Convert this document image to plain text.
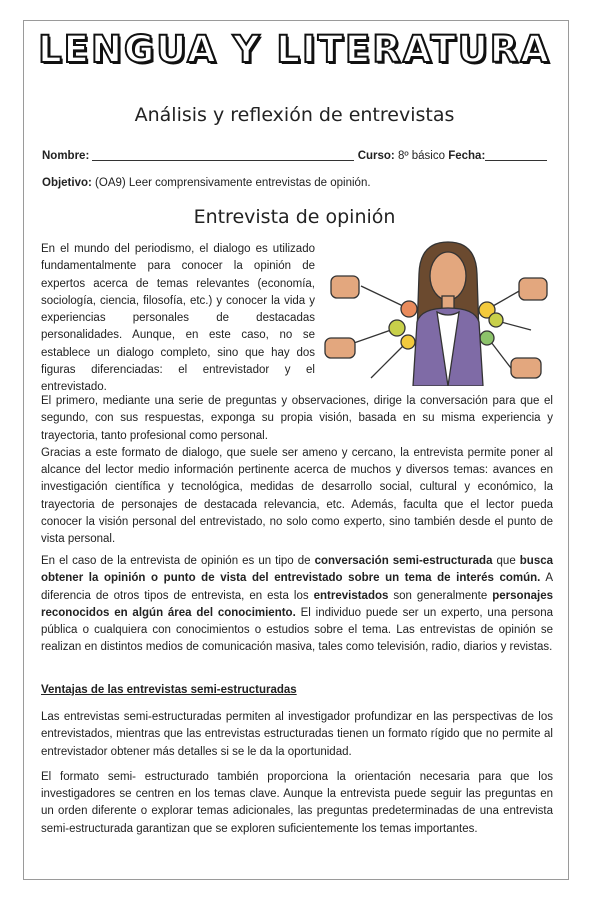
LENGUA Y LITERATURA
Análisis y reflexión de entrevistas
Nombre:	Curso: 8º básico Fecha:
Objetivo: (OA9) Leer comprensivamente entrevistas de opinión.
Entrevista de opinión

En el mundo del periodismo, el dialogo es utilizado fundamentalmente para conocer la opinión de expertos acerca de temas relevantes (economía, sociología, ciencia, filosofía, etc.) y conocer la vida y experiencias personales de destacadas personalidades. Aunque, en este caso, no se establece un dialogo completo, sino que hay dos figuras diferenciadas: el entrevistador y el entrevistado.

El primero, mediante una serie de preguntas y observaciones, dirige la conversación para que el segundo, con sus respuestas, exponga su propia visión, basada en su misma experiencia y trayectoria, tanto profesional como personal.

Gracias a este formato de dialogo, que suele ser ameno y cercano, la entrevista permite poner al alcance del lector medio información pertinente acerca de muchos y diversos temas: avances en investigación científica y tecnológica, medidas de desarrollo social, cultural y económico, la trayectoria de personajes de destacada relevancia, etc. Además, faculta que el lector pueda conocer la visión personal del entrevistado, no solo como experto, sino también desde el punto de vista personal.

En el caso de la entrevista de opinión es un tipo de conversación semi-estructurada que busca obtener la opinión o punto de vista del entrevistado sobre un tema de interés común. A diferencia de otros tipos de entrevista, en esta los entrevistados son generalmente personajes reconocidos en algún área del conocimiento. El individuo puede ser un experto, una persona pública o cualquiera con conocimientos o estudios sobre el tema. Las entrevistas de opinión se realizan en distintos medios de comunicación masiva, tales como televisión, radio, diarios y revistas.

Ventajas de las entrevistas semi-estructuradas

Las entrevistas semi-estructuradas permiten al investigador profundizar en las perspectivas de los entrevistados, mientras que las entrevistas estructuradas tienen un formato rígido que no permite al entrevistador obtener más detalles si se le da la oportunidad.

El formato semi- estructurado también proporciona la orientación necesaria para que los investigadores se centren en los temas clave. Aunque la entrevista puede seguir las preguntas en un orden diferente o explorar temas adicionales, las preguntas predeterminadas de una entrevista semi-estructurada garantizan que se exploren suficientemente los temas importantes.
